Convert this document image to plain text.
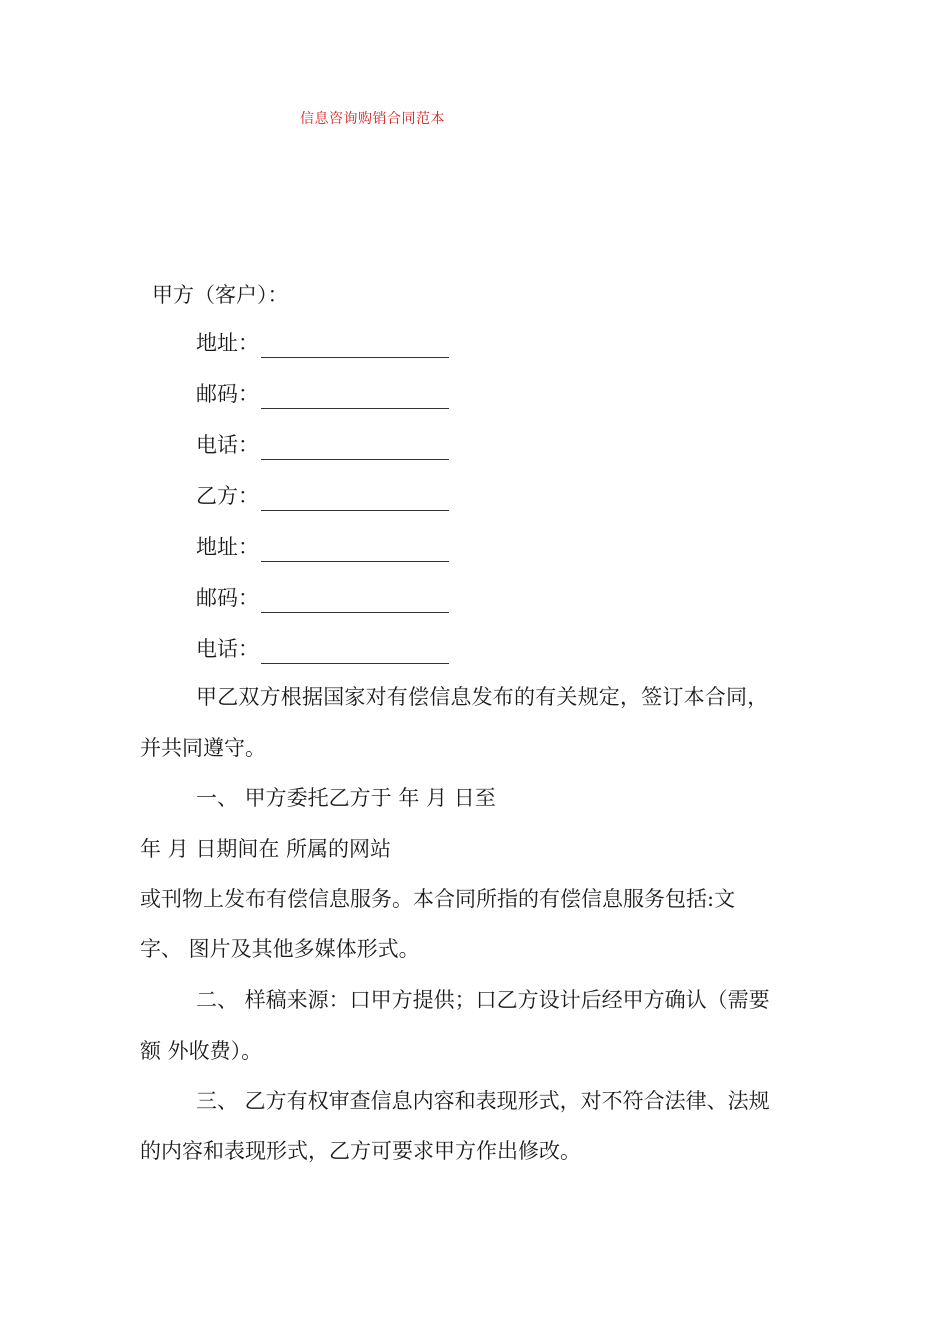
信息咨询购销合同范本
甲方（客户）：
地址：
邮码：
电话：
乙方：
地址：
邮码：
电话：
甲乙双方根据国家对有偿信息发布的有关规定，签订本合同，
并共同遵守。
一、 甲方委托乙方于 年 月 日至
年 月 日期间在 所属的网站
或刊物上发布有偿信息服务。本合同所指的有偿信息服务包括:文
字、 图片及其他多媒体形式。
二、 样稿来源：口甲方提供；口乙方设计后经甲方确认（需要
额 外收费）。
三、 乙方有权审查信息内容和表现形式，对不符合法律、法规
的内容和表现形式，乙方可要求甲方作出修改。
